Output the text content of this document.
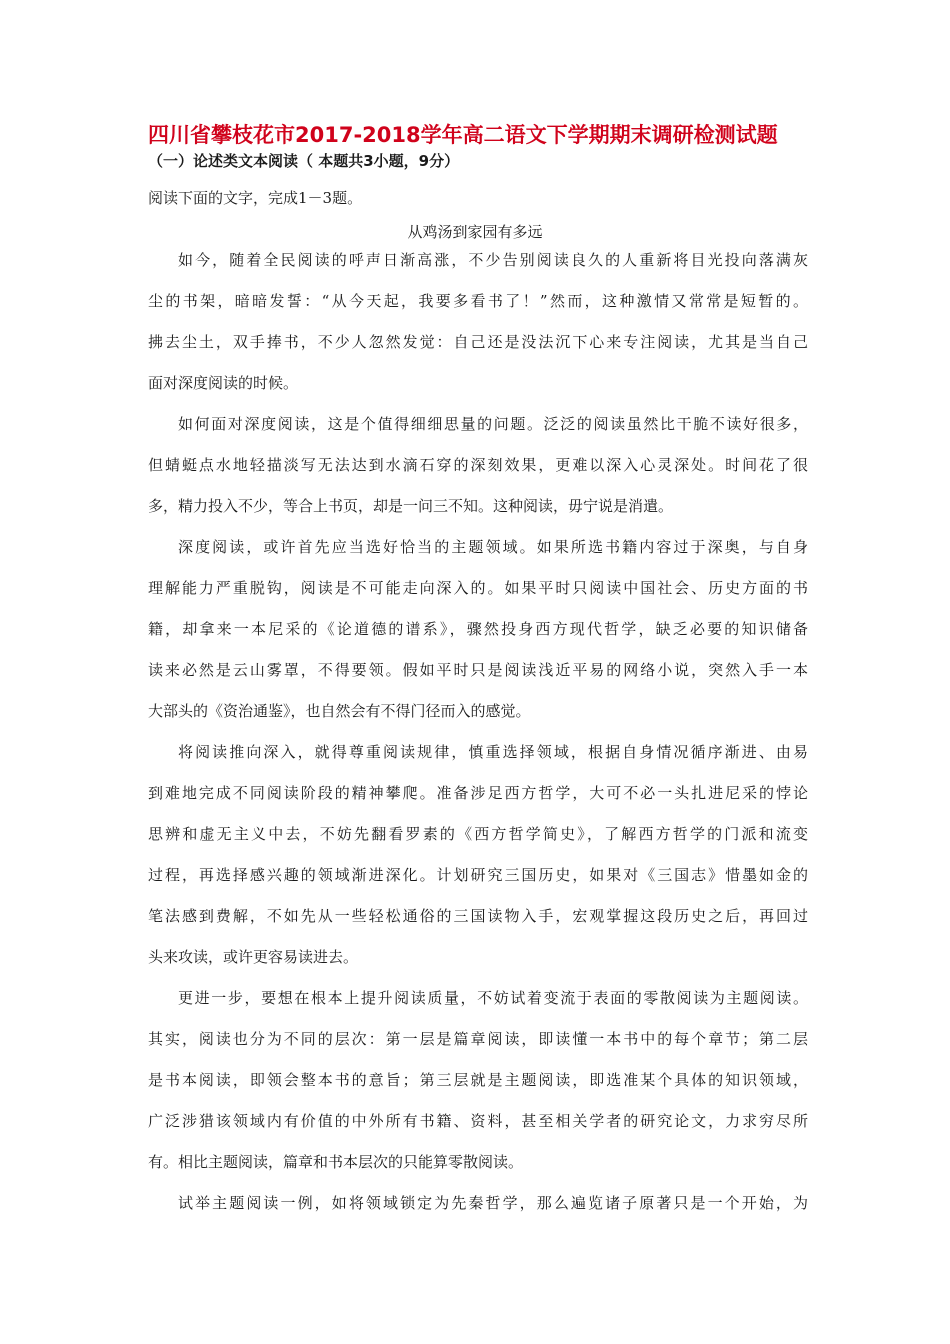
四川省攀枝花市2017-2018学年高二语文下学期期末调研检测试题
（一）论述类文本阅读（ 本题共3小题，9分）
阅读下面的文字，完成1－3题。
从鸡汤到家园有多远
如今，随着全民阅读的呼声日渐高涨，不少告别阅读良久的人重新将目光投向落满灰
尘的书架，暗暗发誓：“从今天起，我要多看书了！”然而，这种激情又常常是短暂的。
拂去尘土，双手捧书，不少人忽然发觉：自己还是没法沉下心来专注阅读，尤其是当自己
面对深度阅读的时候。
如何面对深度阅读，这是个值得细细思量的问题。泛泛的阅读虽然比干脆不读好很多，
但蜻蜓点水地轻描淡写无法达到水滴石穿的深刻效果，更难以深入心灵深处。时间花了很
多，精力投入不少，等合上书页，却是一问三不知。这种阅读，毋宁说是消遣。
深度阅读，或许首先应当选好恰当的主题领域。如果所选书籍内容过于深奥，与自身
理解能力严重脱钩，阅读是不可能走向深入的。如果平时只阅读中国社会、历史方面的书
籍，却拿来一本尼采的《论道德的谱系》，骤然投身西方现代哲学，缺乏必要的知识储备
读来必然是云山雾罩，不得要领。假如平时只是阅读浅近平易的网络小说，突然入手一本
大部头的《资治通鉴》，也自然会有不得门径而入的感觉。
将阅读推向深入，就得尊重阅读规律，慎重选择领域，根据自身情况循序渐进、由易
到难地完成不同阅读阶段的精神攀爬。准备涉足西方哲学，大可不必一头扎进尼采的悖论
思辨和虚无主义中去，不妨先翻看罗素的《西方哲学简史》，了解西方哲学的门派和流变
过程，再选择感兴趣的领域渐进深化。计划研究三国历史，如果对《三国志》惜墨如金的
笔法感到费解，不如先从一些轻松通俗的三国读物入手，宏观掌握这段历史之后，再回过
头来攻读，或许更容易读进去。
更进一步，要想在根本上提升阅读质量，不妨试着变流于表面的零散阅读为主题阅读。
其实，阅读也分为不同的层次：第一层是篇章阅读，即读懂一本书中的每个章节；第二层
是书本阅读，即领会整本书的意旨；第三层就是主题阅读，即选准某个具体的知识领域，
广泛涉猎该领域内有价值的中外所有书籍、资料，甚至相关学者的研究论文，力求穷尽所
有。相比主题阅读，篇章和书本层次的只能算零散阅读。
试举主题阅读一例，如将领域锁定为先秦哲学，那么遍览诸子原著只是一个开始，为
